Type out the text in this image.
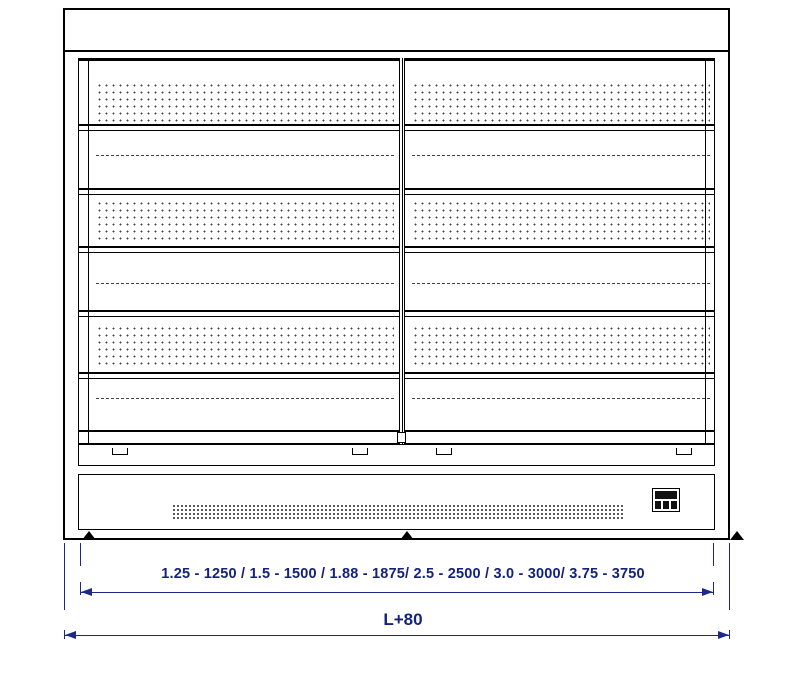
1.25 - 1250 / 1.5 - 1500 / 1.88 - 1875/ 2.5 - 2500 / 3.0 - 3000/ 3.75 - 3750
L+80
